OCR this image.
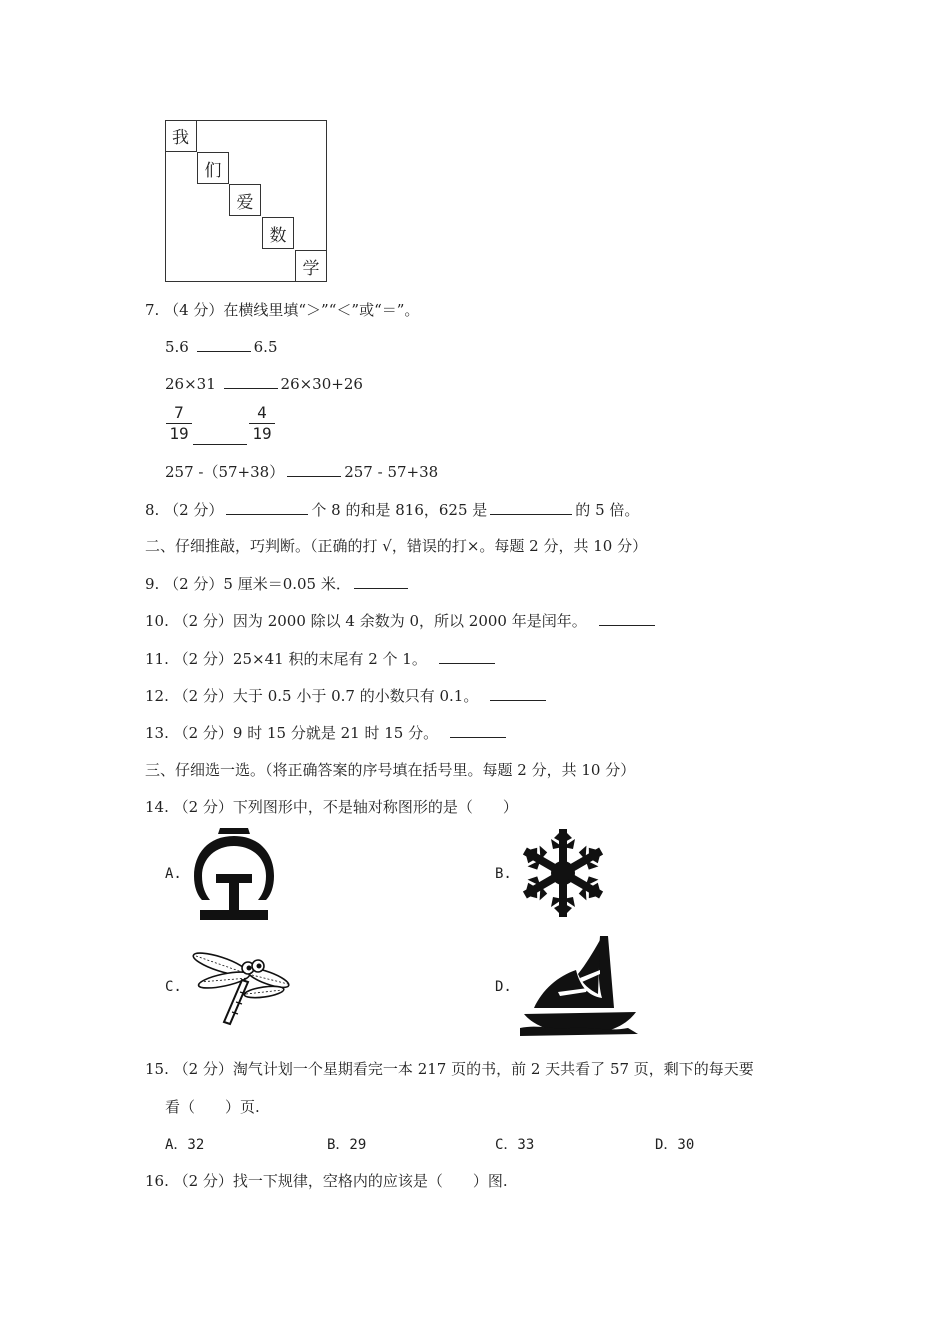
我
们
爱
数
学
7. （4 分）在横线里填“＞”“＜”或“＝”。
5.6	6.5
26×31	26×30+26
7
19
4
19
257 -（57+38）	257 - 57+38
8. （2 分）	个 8 的和是 816，625 是	的 5 倍。
二、仔细推敲，巧判断。（正确的打 √，错误的打×。每题 2 分，共 10 分）
9. （2 分）5 厘米＝0.05 米．
10. （2 分）因为 2000 除以 4 余数为 0，所以 2000 年是闰年。
11. （2 分）25×41 积的末尾有 2 个 1。
12. （2 分）大于 0.5 小于 0.7 的小数只有 0.1。
13. （2 分）9 时 15 分就是 21 时 15 分。
三、仔细选一选。（将正确答案的序号填在括号里。每题 2 分，共 10 分）
14. （2 分）下列图形中，不是轴对称图形的是（　　）
A.	B.
C.	D.
15. （2 分）淘气计划一个星期看完一本 217 页的书，前 2 天共看了 57 页，剩下的每天要
看（　　）页.
A．32	B．29	C．33	D．30
16. （2 分）找一下规律，空格内的应该是（　　）图.
